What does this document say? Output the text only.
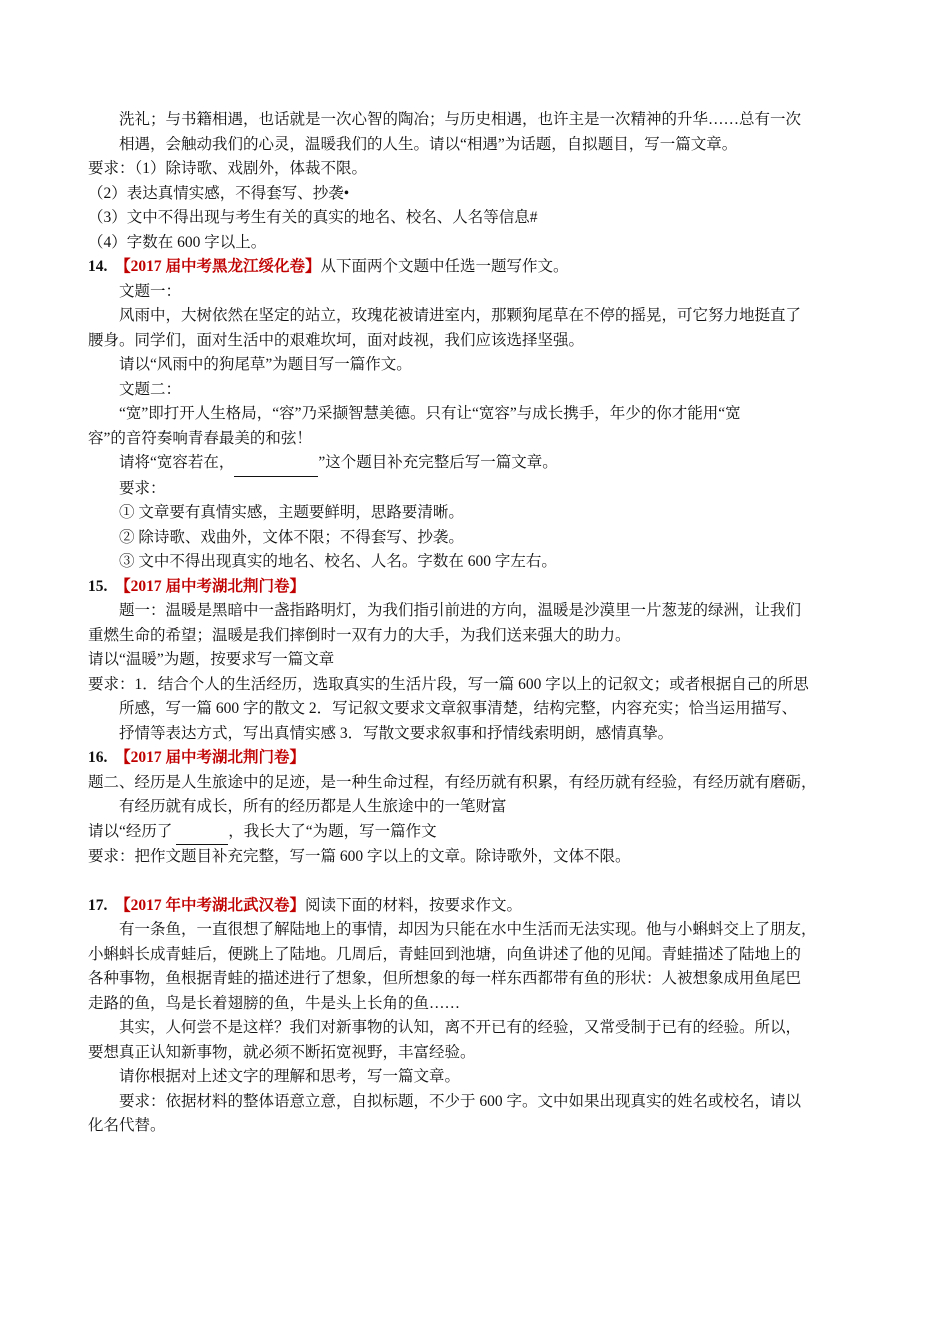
洗礼；与书籍相遇，也话就是一次心智的陶冶；与历史相遇，也许主是一次精神的升华……总有一次

相遇，会触动我们的心灵，温暖我们的人生。请以“相遇”为话题，自拟题目，写一篇文章。

要求：（1）除诗歌、戏剧外，体裁不限。

（2）表达真情实感，不得套写、抄袭•

（3）文中不得出现与考生有关的真实的地名、校名、人名等信息#

（4）字数在 600 字以上。

14. 【2017 届中考黑龙江绥化卷】从下面两个文题中任选一题写作文。

文题一：

风雨中，大树依然在坚定的站立，玫瑰花被请进室内，那颗狗尾草在不停的摇晃，可它努力地挺直了

腰身。同学们，面对生活中的艰难坎坷，面对歧视，我们应该选择坚强。

请以“风雨中的狗尾草”为题目写一篇作文。

文题二：

“宽”即打开人生格局，“容”乃采撷智慧美德。只有让“宽容”与成长携手，年少的你才能用“宽

容”的音符奏响青春最美的和弦！

请将“宽容若在，	”这个题目补充完整后写一篇文章。

要求：

① 文章要有真情实感，主题要鲜明，思路要清晰。

② 除诗歌、戏曲外，文体不限；不得套写、抄袭。

③ 文中不得出现真实的地名、校名、人名。字数在 600 字左右。

15. 【2017 届中考湖北荆门卷】

题一：温暖是黑暗中一盏指路明灯，为我们指引前进的方向，温暖是沙漠里一片葱茏的绿洲，让我们

重燃生命的希望；温暖是我们摔倒时一双有力的大手，为我们送来强大的助力。

请以“温暖”为题，按要求写一篇文章

要求：1．结合个人的生活经历，选取真实的生活片段，写一篇 600 字以上的记叙文；或者根据自己的所思

所感，写一篇 600 字的散文 2．写记叙文要求文章叙事清楚，结构完整，内容充实；恰当运用描写、

抒情等表达方式，写出真情实感 3．写散文要求叙事和抒情线索明朗，感情真挚。

16. 【2017 届中考湖北荆门卷】

题二、经历是人生旅途中的足迹，是一种生命过程，有经历就有积累，有经历就有经验，有经历就有磨砺，

有经历就有成长，所有的经历都是人生旅途中的一笔财富

请以“经历了	，我长大了“为题，写一篇作文

要求：把作文题目补充完整，写一篇 600 字以上的文章。除诗歌外，文体不限。

17. 【2017 年中考湖北武汉卷】阅读下面的材料，按要求作文。

有一条鱼，一直很想了解陆地上的事情，却因为只能在水中生活而无法实现。他与小蝌蚪交上了朋友，

小蝌蚪长成青蛙后，便跳上了陆地。几周后，青蛙回到池塘，向鱼讲述了他的见闻。青蛙描述了陆地上的

各种事物，鱼根据青蛙的描述进行了想象，但所想象的每一样东西都带有鱼的形状：人被想象成用鱼尾巴

走路的鱼，鸟是长着翅膀的鱼，牛是头上长角的鱼……

其实，人何尝不是这样？我们对新事物的认知，离不开已有的经验，又常受制于已有的经验。所以，

要想真正认知新事物，就必须不断拓宽视野，丰富经验。

请你根据对上述文字的理解和思考，写一篇文章。

要求：依据材料的整体语意立意，自拟标题，不少于 600 字。文中如果出现真实的姓名或校名，请以

化名代替。
